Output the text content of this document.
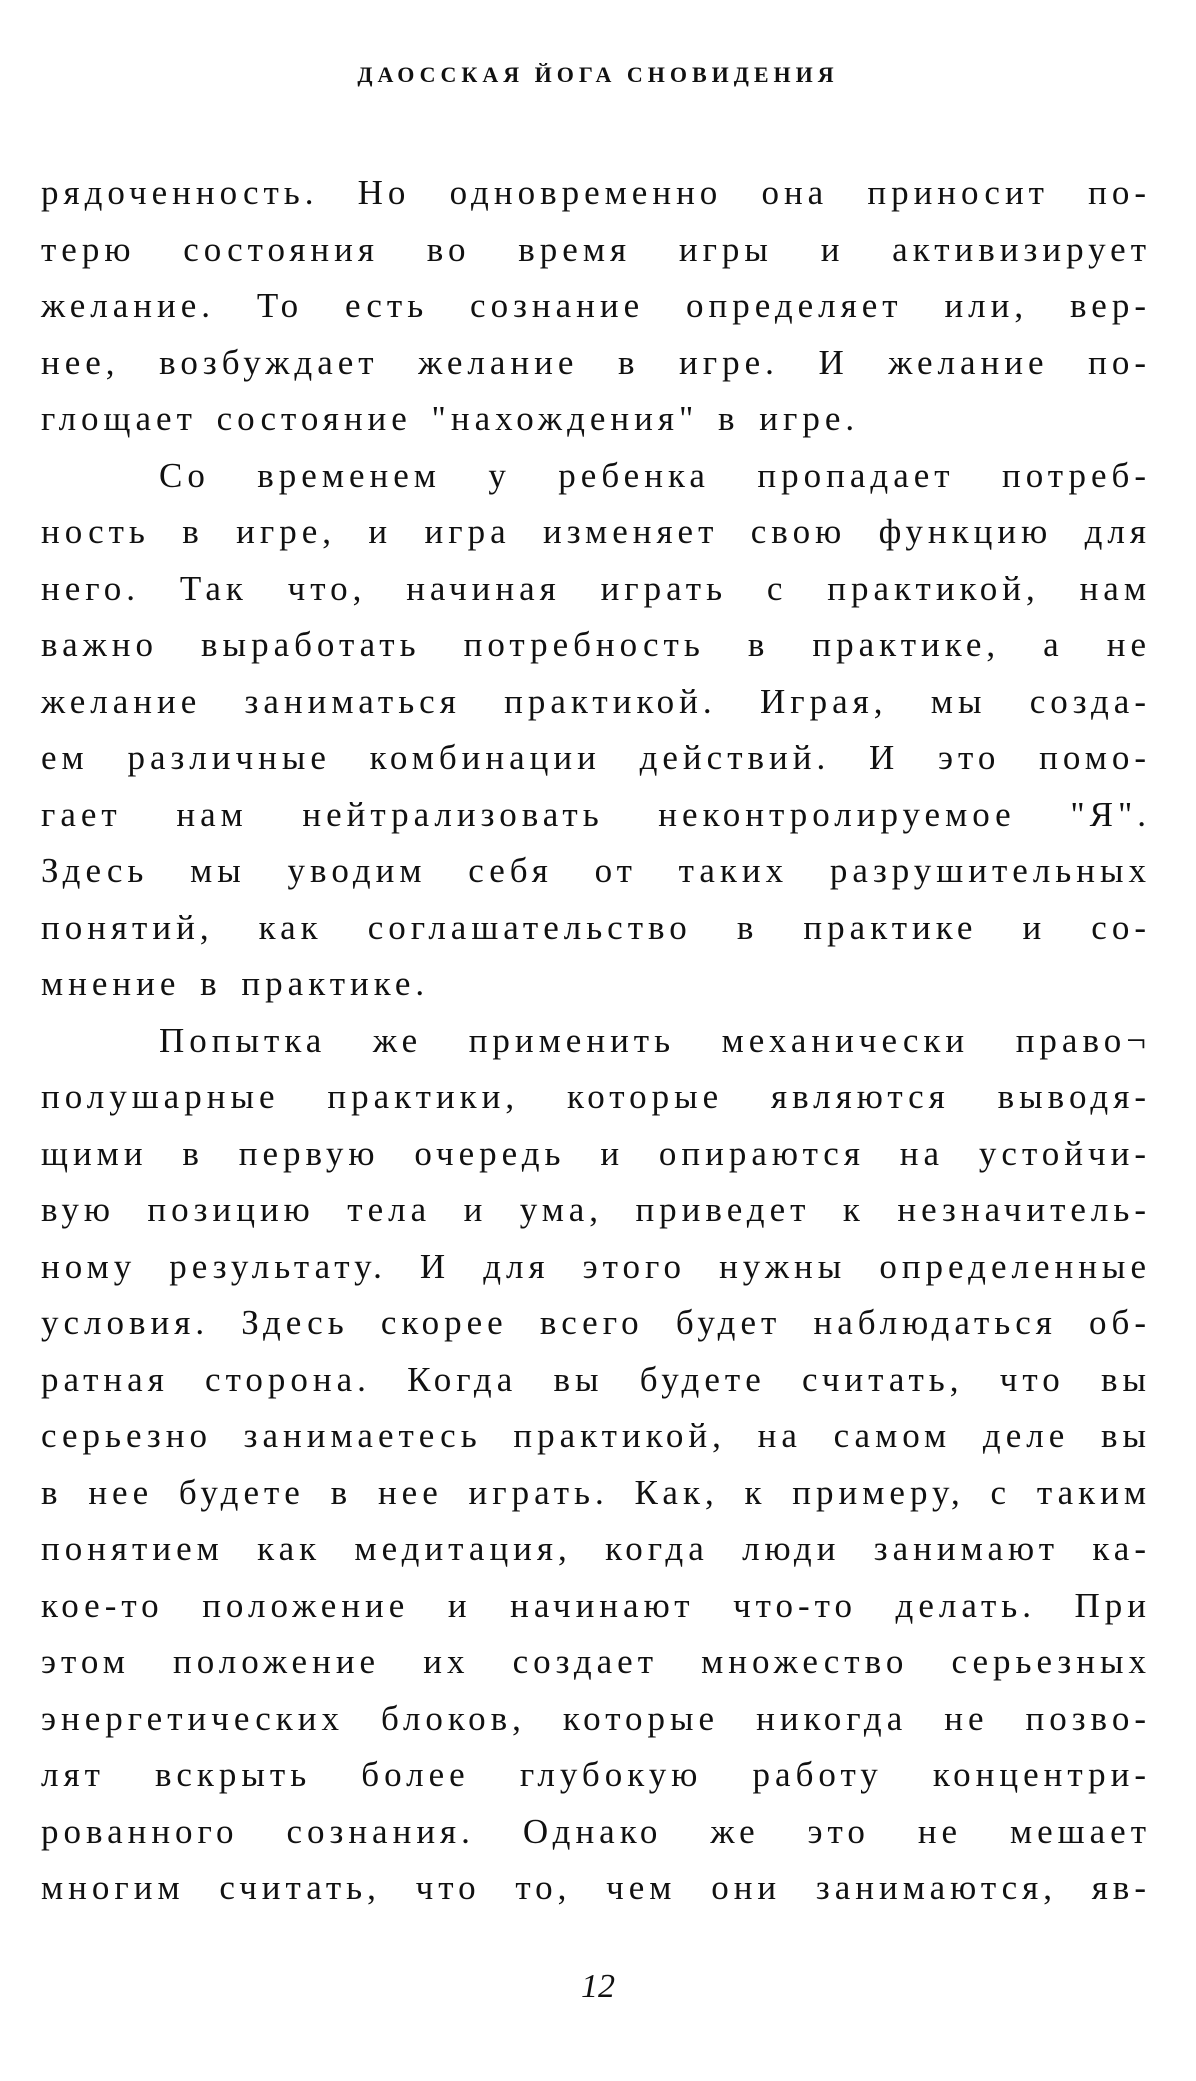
ДАОССКАЯ ЙОГА СНОВИДЕНИЯ
рядоченность. Но одновременно она приносит по-
терю состояния во время игры и активизирует
желание. То есть сознание определяет или, вер-
нее, возбуждает желание в игре. И желание по-
глощает состояние "нахождения" в игре.
Со временем у ребенка пропадает потреб-
ность в игре, и игра изменяет свою функцию для
него. Так что, начиная играть с практикой, нам
важно выработать потребность в практике, а не
желание заниматься практикой. Играя, мы созда-
ем различные комбинации действий. И это помо-
гает нам нейтрализовать неконтролируемое "Я".
Здесь мы уводим себя от таких разрушительных
понятий, как соглашательство в практике и со-
мнение в практике.
Попытка же применить механически право¬
полушарные практики, которые являются выводя-
щими в первую очередь и опираются на устойчи-
вую позицию тела и ума, приведет к незначитель-
ному результату. И для этого нужны определенные
условия. Здесь скорее всего будет наблюдаться об-
ратная сторона. Когда вы будете считать, что вы
серьезно занимаетесь практикой, на самом деле вы
в нее будете в нее играть. Как, к примеру, с таким
понятием как медитация, когда люди занимают ка-
кое-то положение и начинают что-то делать. При
этом положение их создает множество серьезных
энергетических блоков, которые никогда не позво-
лят вскрыть более глубокую работу концентри-
рованного сознания. Однако же это не мешает
многим считать, что то, чем они занимаются, яв-
12
